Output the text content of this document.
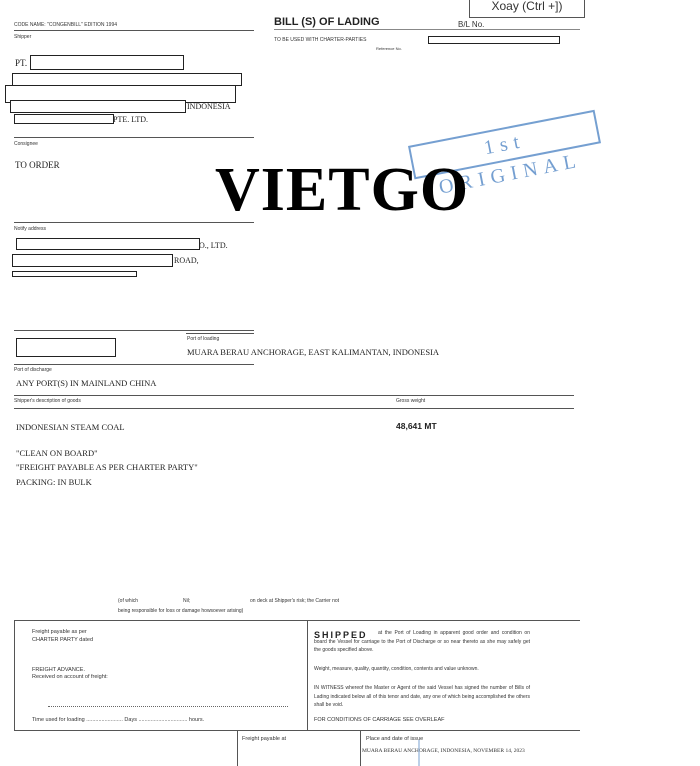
Xoay (Ctrl +])
CODE NAME: "CONGENBILL" EDITION 1994
Shipper
BILL (S) OF LADING
TO BE USED WITH CHARTER-PARTIES
Reference No.
B/L No.
PT.
INDONESIA
PTE. LTD.
Consignee
TO ORDER
1st ORIGINAL
VIETGO
Notify address
O., LTD.
ROAD,
Port of loading
MUARA BERAU ANCHORAGE, EAST KALIMANTAN, INDONESIA
Port of discharge
ANY PORT(S) IN MAINLAND CHINA
Shipper's description of goods	Gross weight
INDONESIAN STEAM COAL	48,641 MT
"CLEAN ON BOARD"
"FREIGHT PAYABLE AS PER CHARTER PARTY"
PACKING: IN BULK
(of which	Nil;	on deck at Shipper's risk; the Carrier not
being responsible for loss or damage howsoever arising)
Freight payable as per
CHARTER PARTY dated
FREIGHT ADVANCE.
Received on account of freight:
Time used for loading ........................ Days ................................ hours.
SHIPPED	at the Port of Loading in apparent good order and condition on board the Vessel for carriage to the Port of Discharge or so near thereto as she may safely get the goods specified above.
Weight, measure, quality, quantity, condition, contents and value unknown.
IN WITNESS whereof the Master or Agent of the said Vessel has signed the number of Bills of Lading indicated below all of this tenor and date, any one of which being accomplished the others shall be void.
FOR CONDITIONS OF CARRIAGE SEE OVERLEAF
Freight payable at	Place and date of issue
MUARA BERAU ANCHORAGE, INDONESIA, NOVEMBER 14, 2023
